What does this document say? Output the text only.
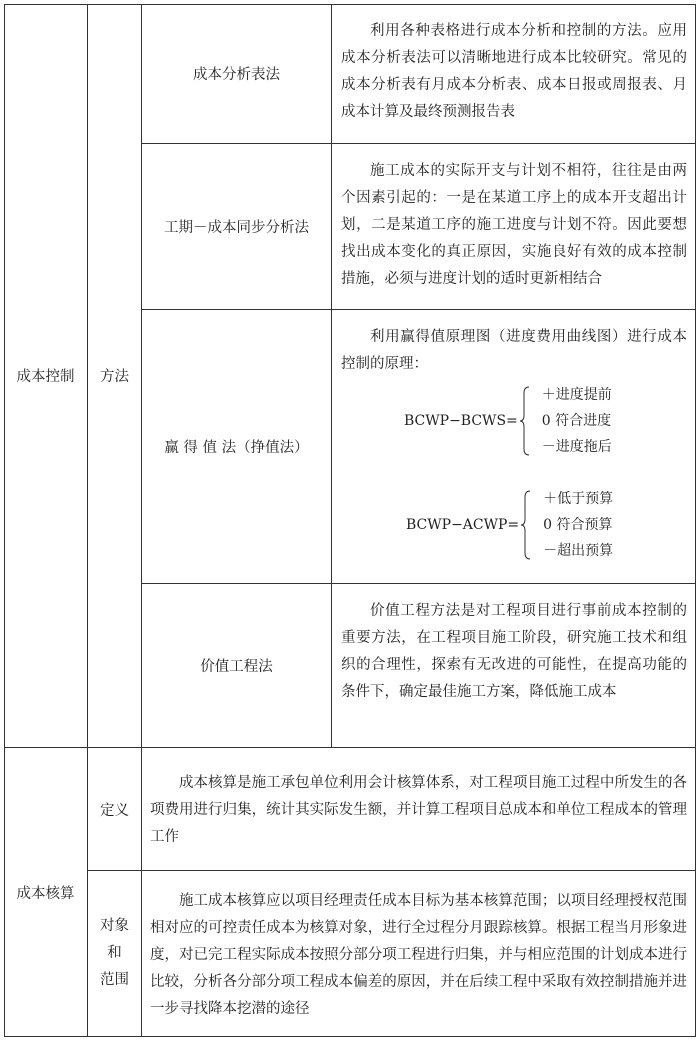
成本控制	方法
成本分析表法

利用各种表格进行成本分析和控制的方法。应用成本分析表法可以清晰地进行成本比较研究。常见的成本分析表有月成本分析表、成本日报或周报表、月成本计算及最终预测报告表

工期－成本同步分析法

施工成本的实际开支与计划不相符，往往是由两个因素引起的：一是在某道工序上的成本开支超出计划，二是某道工序的施工进度与计划不符。因此要想找出成本变化的真正原因，实施良好有效的成本控制措施，必须与进度计划的适时更新相结合

赢 得 值 法（挣值法）

利用赢得值原理图（进度费用曲线图）进行成本控制的原理：

BCWP−BCWS=
＋进度提前
0 符合进度
－进度拖后
BCWP−ACWP=
＋低于预算
0 符合预算
－超出预算
价值工程法

价值工程方法是对工程项目进行事前成本控制的重要方法，在工程项目施工阶段，研究施工技术和组织的合理性，探索有无改进的可能性，在提高功能的条件下，确定最佳施工方案，降低施工成本

成本核算
定义

成本核算是施工承包单位利用会计核算体系，对工程项目施工过程中所发生的各项费用进行归集，统计其实际发生额，并计算工程项目总成本和单位工程成本的管理工作

对象
和
范围

施工成本核算应以项目经理责任成本目标为基本核算范围；以项目经理授权范围相对应的可控责任成本为核算对象，进行全过程分月跟踪核算。根据工程当月形象进度，对已完工程实际成本按照分部分项工程进行归集，并与相应范围的计划成本进行比较，分析各分部分项工程成本偏差的原因，并在后续工程中采取有效控制措施并进一步寻找降本挖潜的途径
